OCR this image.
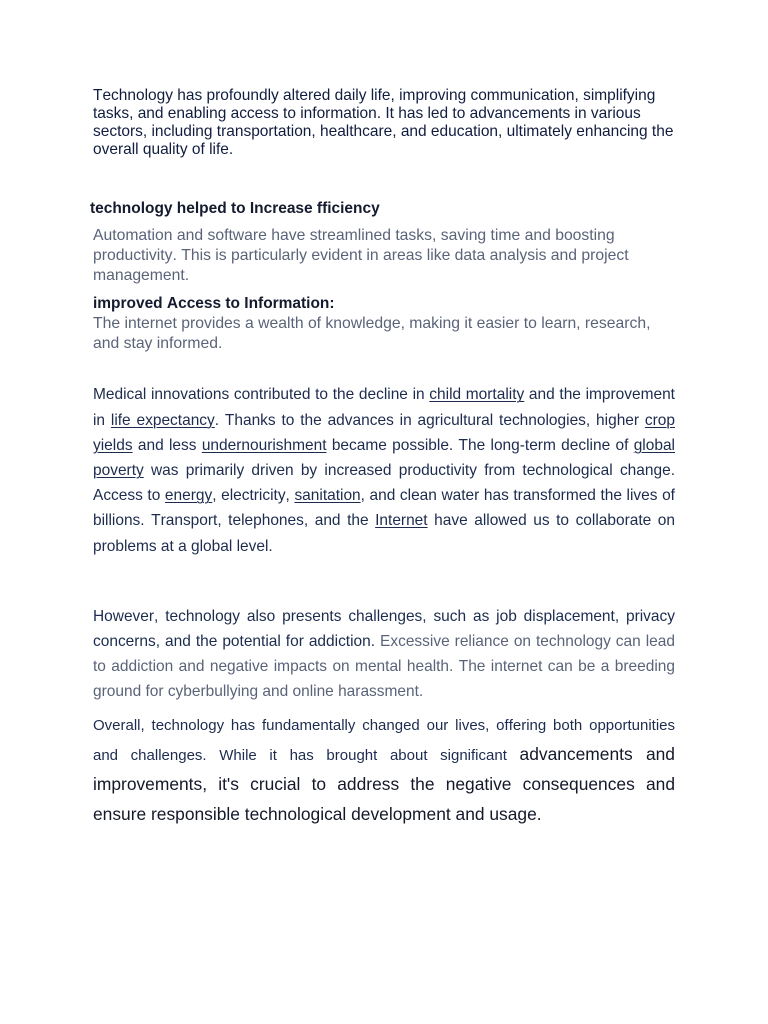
Technology has profoundly altered daily life, improving communication, simplifying tasks, and enabling access to information. It has led to advancements in various sectors, including transportation, healthcare, and education, ultimately enhancing the overall quality of life.

technology helped to Increase fficiency

Automation and software have streamlined tasks, saving time and boosting productivity. This is particularly evident in areas like data analysis and project management.

improved Access to Information:

The internet provides a wealth of knowledge, making it easier to learn, research, and stay informed.

Medical innovations contributed to the decline in child mortality and the improvement in life expectancy. Thanks to the advances in agricultural technologies, higher crop yields and less undernourishment became possible. The long-term decline of global poverty was primarily driven by increased productivity from technological change. Access to energy, electricity, sanitation, and clean water has transformed the lives of billions. Transport, telephones, and the Internet have allowed us to collaborate on problems at a global level.

However, technology also presents challenges, such as job displacement, privacy concerns, and the potential for addiction. Excessive reliance on technology can lead to addiction and negative impacts on mental health. The internet can be a breeding ground for cyberbullying and online harassment.

Overall, technology has fundamentally changed our lives, offering both opportunities and challenges. While it has brought about significant advancements and improvements, it's crucial to address the negative consequences and ensure responsible technological development and usage.
